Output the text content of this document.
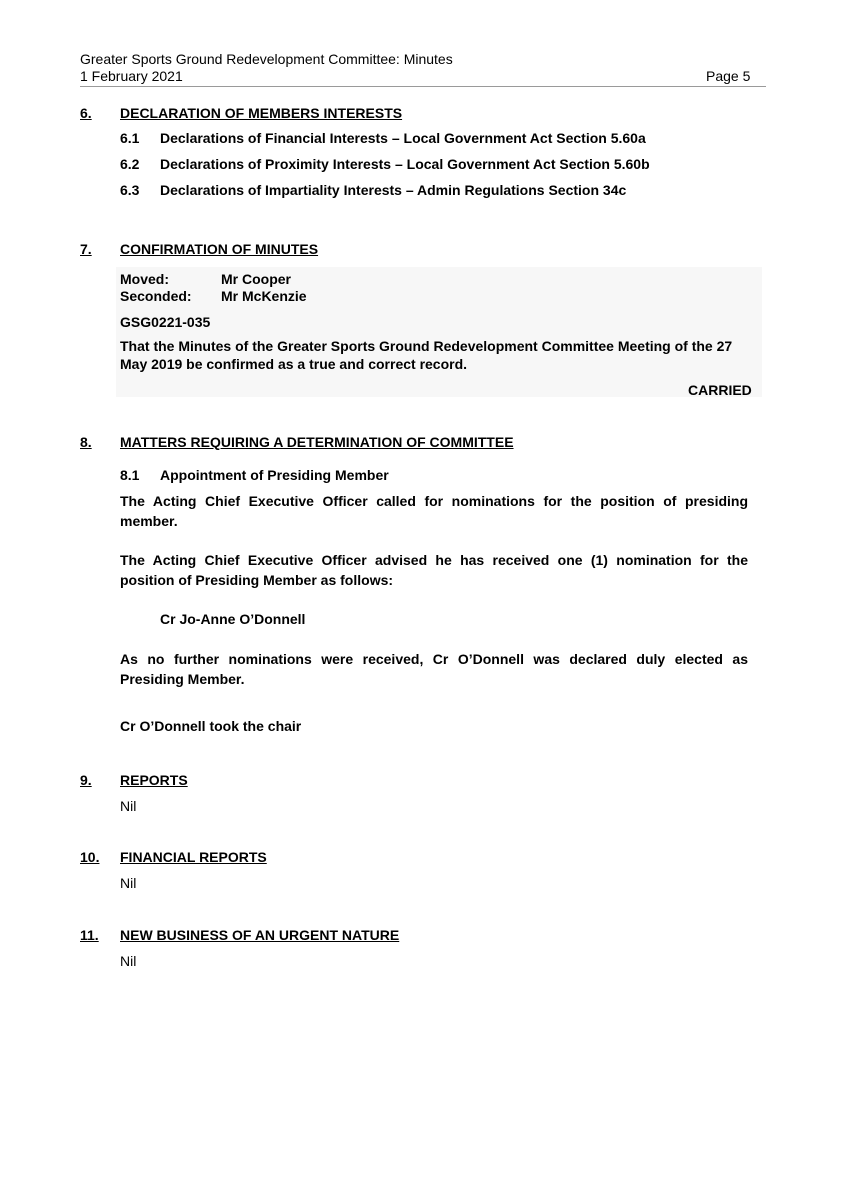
Greater Sports Ground Redevelopment Committee: Minutes
1 February 2021	Page 5
6. DECLARATION OF MEMBERS INTERESTS
6.1 Declarations of Financial Interests – Local Government Act Section 5.60a
6.2 Declarations of Proximity Interests – Local Government Act Section 5.60b
6.3 Declarations of Impartiality Interests – Admin Regulations Section 34c
7. CONFIRMATION OF MINUTES
Moved:	Mr Cooper
Seconded: Mr McKenzie
GSG0221-035
That the Minutes of the Greater Sports Ground Redevelopment Committee Meeting of the 27 May 2019 be confirmed as a true and correct record.
CARRIED
8. MATTERS REQUIRING A DETERMINATION OF COMMITTEE
8.1 Appointment of Presiding Member
The Acting Chief Executive Officer called for nominations for the position of presiding member.
The Acting Chief Executive Officer advised he has received one (1) nomination for the position of Presiding Member as follows:
Cr Jo-Anne O’Donnell
As no further nominations were received, Cr O’Donnell was declared duly elected as Presiding Member.
Cr O’Donnell took the chair
9. REPORTS
Nil
10. FINANCIAL REPORTS
Nil
11. NEW BUSINESS OF AN URGENT NATURE
Nil
